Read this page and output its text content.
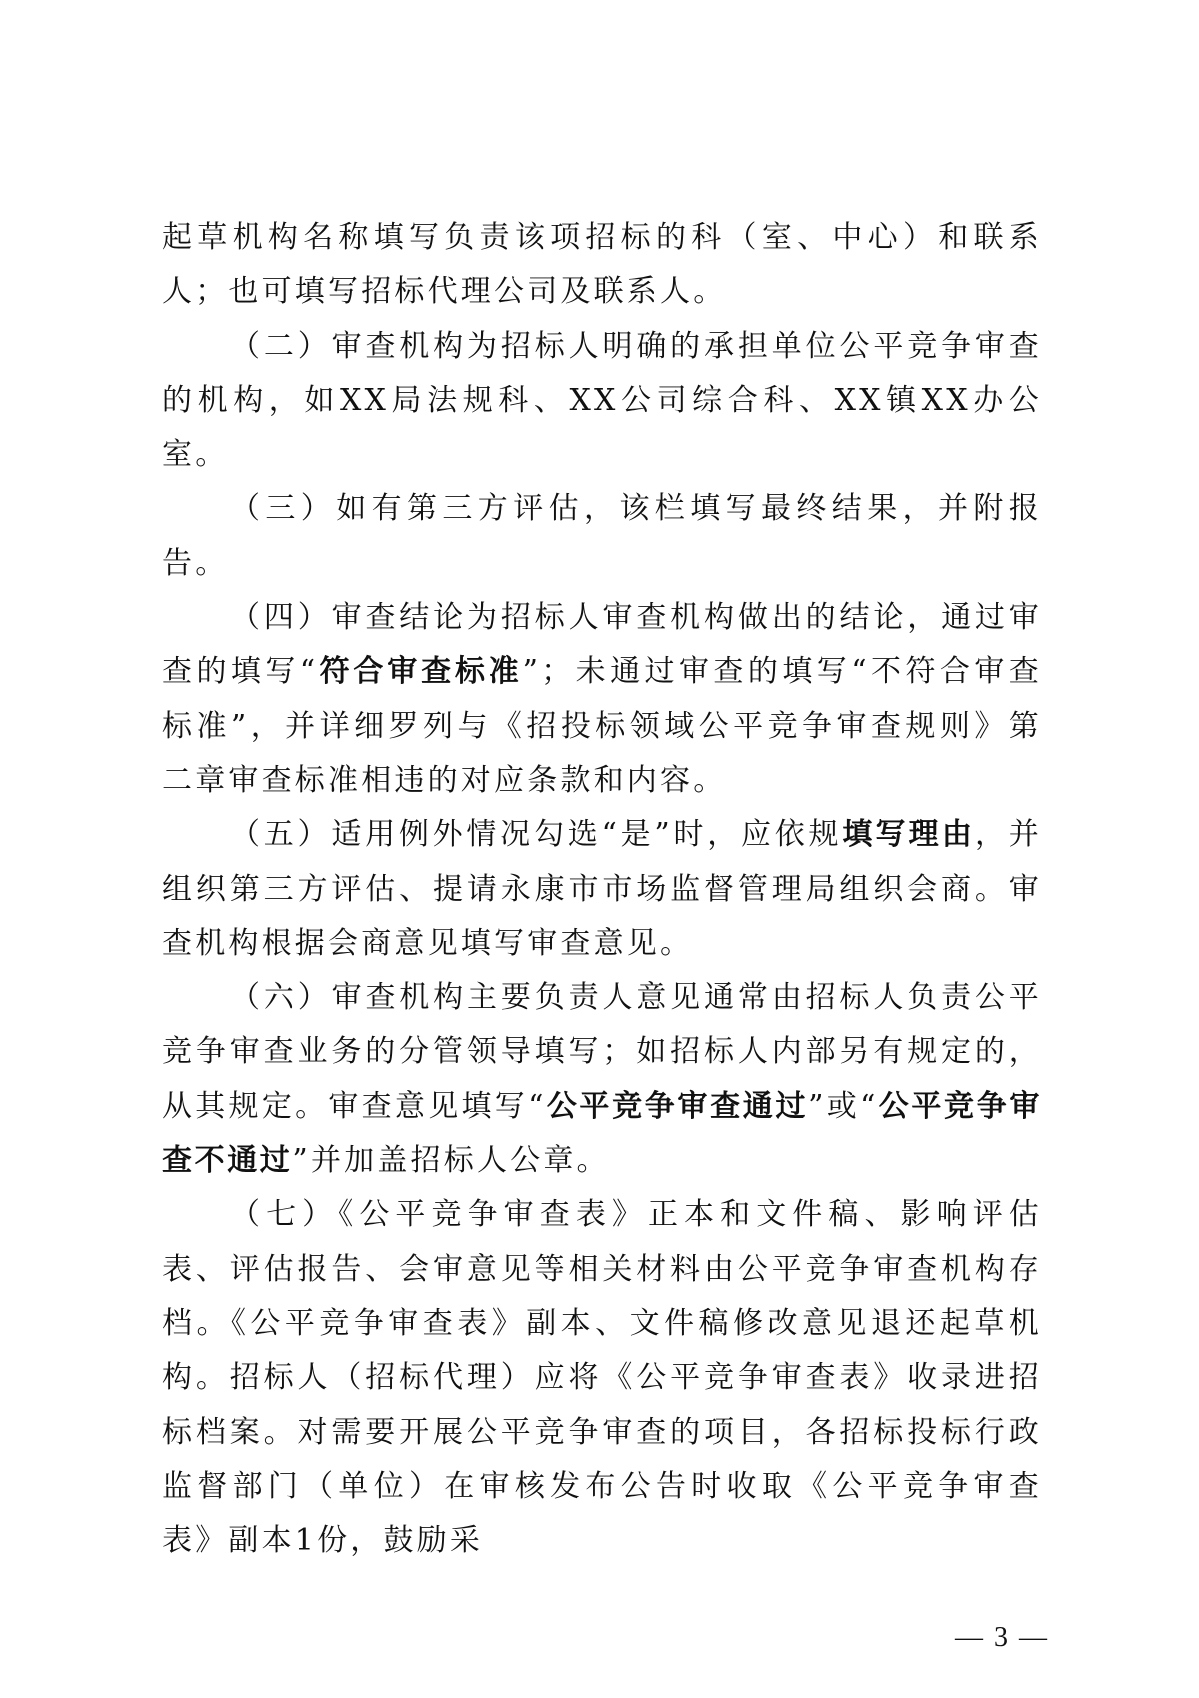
起草机构名称填写负责该项招标的科（室、中心）和联系人；也可填写招标代理公司及联系人。

（二）审查机构为招标人明确的承担单位公平竞争审查的机构，如XX局法规科、XX公司综合科、XX镇XX办公室。

（三）如有第三方评估，该栏填写最终结果，并附报告。

（四）审查结论为招标人审查机构做出的结论，通过审查的填写“符合审查标准”；未通过审查的填写“不符合审查标准”，并详细罗列与《招投标领域公平竞争审查规则》第二章审查标准相违的对应条款和内容。

（五）适用例外情况勾选“是”时，应依规填写理由，并组织第三方评估、提请永康市市场监督管理局组织会商。审查机构根据会商意见填写审查意见。

（六）审查机构主要负责人意见通常由招标人负责公平竞争审查业务的分管领导填写；如招标人内部另有规定的，从其规定。审查意见填写“公平竞争审查通过”或“公平竞争审查不通过”并加盖招标人公章。

（七）《公平竞争审查表》正本和文件稿、影响评估表、评估报告、会审意见等相关材料由公平竞争审查机构存档。《公平竞争审查表》副本、文件稿修改意见退还起草机构。招标人（招标代理）应将《公平竞争审查表》收录进招标档案。对需要开展公平竞争审查的项目，各招标投标行政监督部门（单位）在审核发布公告时收取《公平竞争审查表》副本1份，鼓励采

— 3 —
